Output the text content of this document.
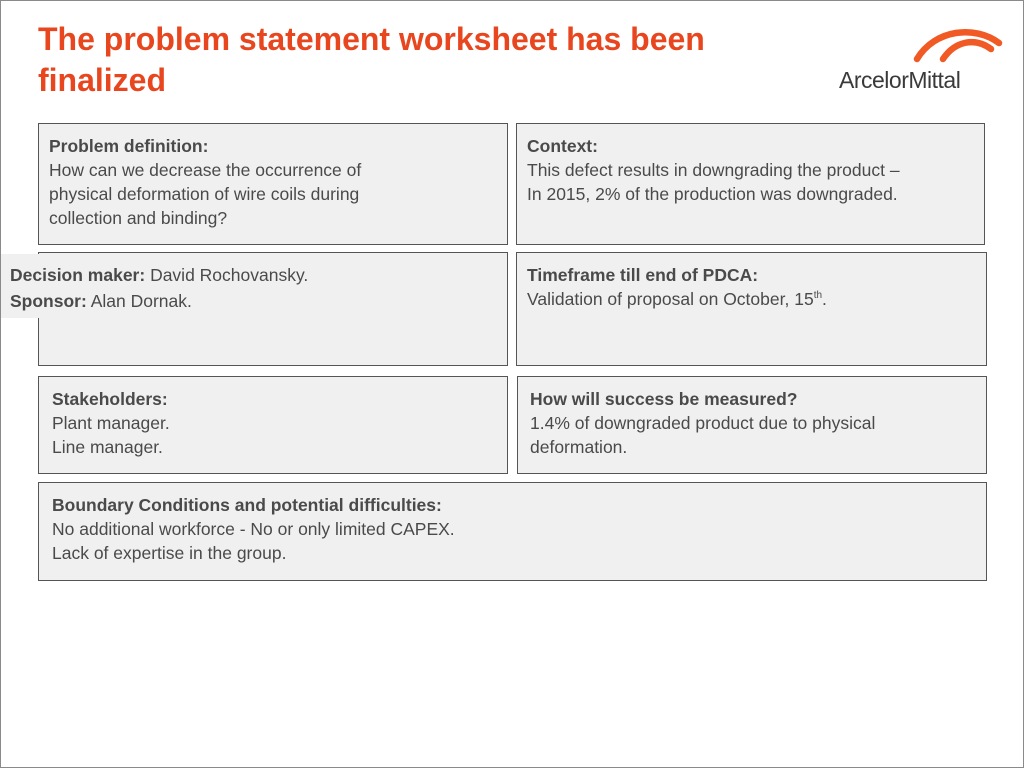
The problem statement worksheet has been finalized	ArcelorMittal
Problem definition:
How can we decrease the occurrence of
physical deformation of wire coils during
collection and binding?
Context:
This defect results in downgrading the product –
In 2015, 2% of the production was downgraded.
Timeframe till end of PDCA:
Validation of proposal on October, 15th.
Decision maker: David Rochovansky.
Sponsor: Alan Dornak.
Stakeholders:
Plant manager.
Line manager.
How will success be measured?
1.4% of downgraded product due to physical
deformation.
Boundary Conditions and potential difficulties:
No additional workforce - No or only limited CAPEX.
Lack of expertise in the group.
